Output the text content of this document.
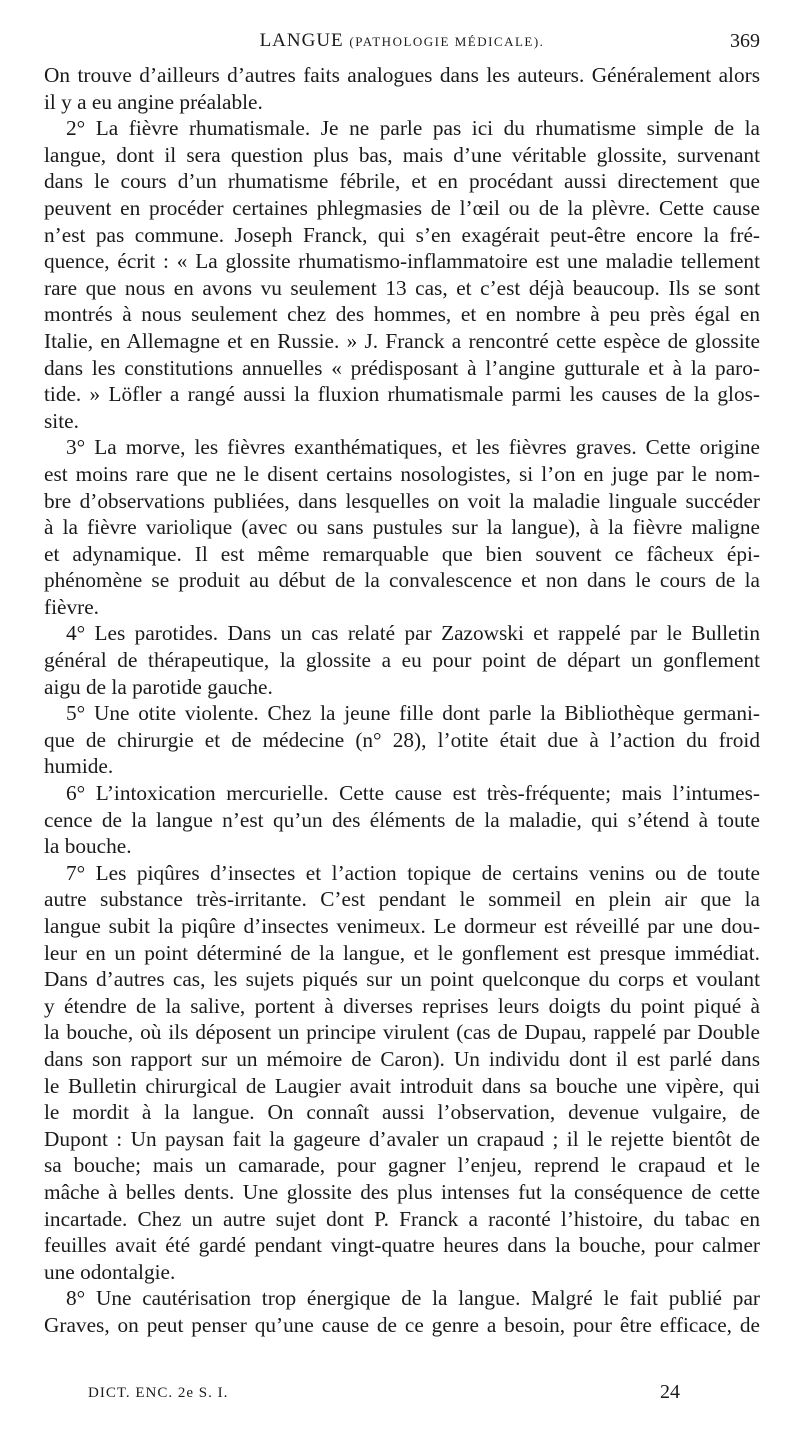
LANGUE (PATHOLOGIE MÉDICALE).	369
On trouve d’ailleurs d’autres faits analogues dans les auteurs. Généralement alors
il y a eu angine préalable.
2° La fièvre rhumatismale. Je ne parle pas ici du rhumatisme simple de la
langue, dont il sera question plus bas, mais d’une véritable glossite, survenant
dans le cours d’un rhumatisme fébrile, et en procédant aussi directement que
peuvent en procéder certaines phlegmasies de l’œil ou de la plèvre. Cette cause
n’est pas commune. Joseph Franck, qui s’en exagérait peut-être encore la fré-
quence, écrit : « La glossite rhumatismo-inflammatoire est une maladie tellement
rare que nous en avons vu seulement 13 cas, et c’est déjà beaucoup. Ils se sont
montrés à nous seulement chez des hommes, et en nombre à peu près égal en
Italie, en Allemagne et en Russie. » J. Franck a rencontré cette espèce de glossite
dans les constitutions annuelles « prédisposant à l’angine gutturale et à la paro-
tide. » Löfler a rangé aussi la fluxion rhumatismale parmi les causes de la glos-
site.
3° La morve, les fièvres exanthématiques, et les fièvres graves. Cette origine
est moins rare que ne le disent certains nosologistes, si l’on en juge par le nom-
bre d’observations publiées, dans lesquelles on voit la maladie linguale succéder
à la fièvre variolique (avec ou sans pustules sur la langue), à la fièvre maligne
et adynamique. Il est même remarquable que bien souvent ce fâcheux épi-
phénomène se produit au début de la convalescence et non dans le cours de la
fièvre.
4° Les parotides. Dans un cas relaté par Zazowski et rappelé par le Bulletin
général de thérapeutique, la glossite a eu pour point de départ un gonflement
aigu de la parotide gauche.
5° Une otite violente. Chez la jeune fille dont parle la Bibliothèque germani-
que de chirurgie et de médecine (n° 28), l’otite était due à l’action du froid
humide.
6° L’intoxication mercurielle. Cette cause est très-fréquente; mais l’intumes-
cence de la langue n’est qu’un des éléments de la maladie, qui s’étend à toute
la bouche.
7° Les piqûres d’insectes et l’action topique de certains venins ou de toute
autre substance très-irritante. C’est pendant le sommeil en plein air que la
langue subit la piqûre d’insectes venimeux. Le dormeur est réveillé par une dou-
leur en un point déterminé de la langue, et le gonflement est presque immédiat.
Dans d’autres cas, les sujets piqués sur un point quelconque du corps et voulant
y étendre de la salive, portent à diverses reprises leurs doigts du point piqué à
la bouche, où ils déposent un principe virulent (cas de Dupau, rappelé par Double
dans son rapport sur un mémoire de Caron). Un individu dont il est parlé dans
le Bulletin chirurgical de Laugier avait introduit dans sa bouche une vipère, qui
le mordit à la langue. On connaît aussi l’observation, devenue vulgaire, de
Dupont : Un paysan fait la gageure d’avaler un crapaud ; il le rejette bientôt de
sa bouche; mais un camarade, pour gagner l’enjeu, reprend le crapaud et le
mâche à belles dents. Une glossite des plus intenses fut la conséquence de cette
incartade. Chez un autre sujet dont P. Franck a raconté l’histoire, du tabac en
feuilles avait été gardé pendant vingt-quatre heures dans la bouche, pour calmer
une odontalgie.
8° Une cautérisation trop énergique de la langue. Malgré le fait publié par
Graves, on peut penser qu’une cause de ce genre a besoin, pour être efficace, de
DICT. ENC. 2e S. I.	24
